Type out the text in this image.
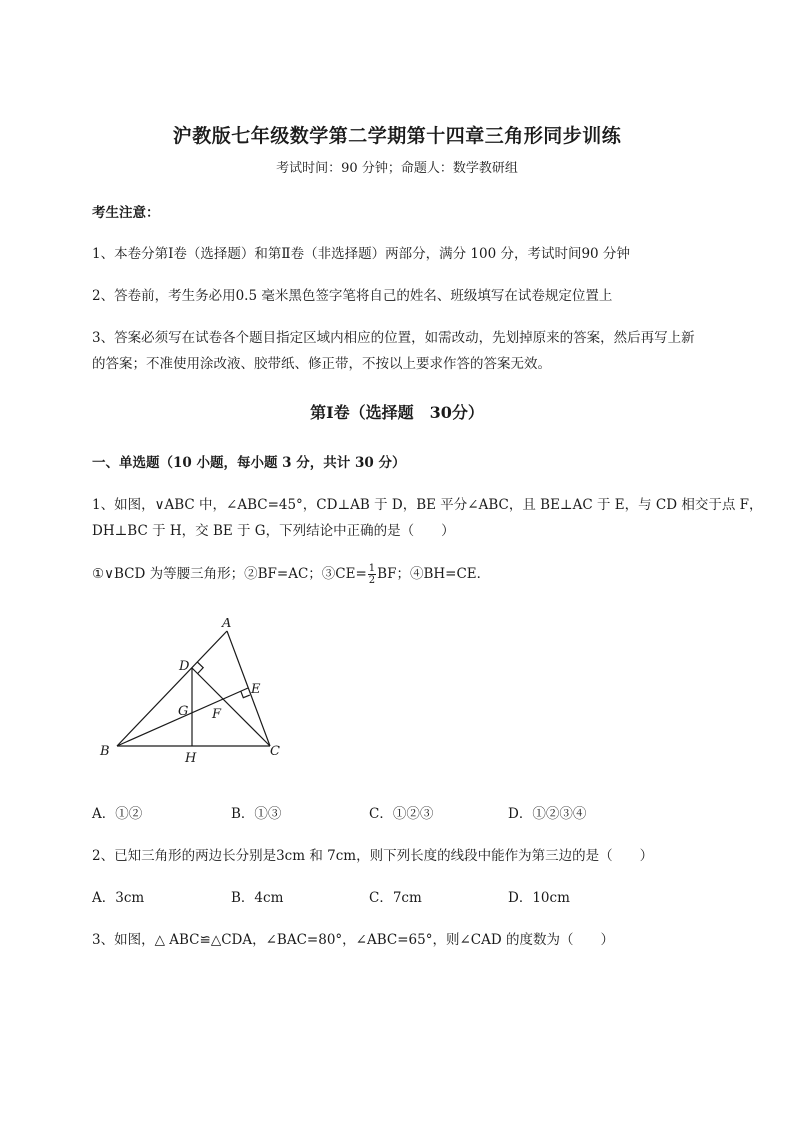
沪教版七年级数学第二学期第十四章三角形同步训练
考试时间：90 分钟；命题人：数学教研组
考生注意：
1、本卷分第Ⅰ卷（选择题）和第Ⅱ卷（非选择题）两部分，满分 100 分，考试时间90 分钟
2、答卷前，考生务必用0.5 毫米黑色签字笔将自己的姓名、班级填写在试卷规定位置上
3、答案必须写在试卷各个题目指定区域内相应的位置，如需改动，先划掉原来的答案，然后再写上新
的答案；不准使用涂改液、胶带纸、修正带，不按以上要求作答的答案无效。
第Ⅰ卷（选择题　30分）
一、单选题（10 小题，每小题 3 分，共计 30 分）
1、如图，∨ABC 中，∠ABC=45°，CD⊥AB 于 D，BE 平分∠ABC，且 BE⊥AC 于 E，与 CD 相交于点 F，
DH⊥BC 于 H，交 BE 于 G，下列结论中正确的是（　　）
①∨BCD 为等腰三角形；②BF=AC；③CE= $\frac{1}{2}$ BF；④BH=CE．
A
B	C
D
E
F
G
H
A．①②	B．①③	C．①②③	D．①②③④
2、已知三角形的两边长分别是3cm 和 7cm，则下列长度的线段中能作为第三边的是（　　）
A．3cm	B．4cm	C．7cm	D．10cm
3、如图，△ ABC≌△CDA，∠BAC=80°，∠ABC=65°，则∠CAD 的度数为（　　）
